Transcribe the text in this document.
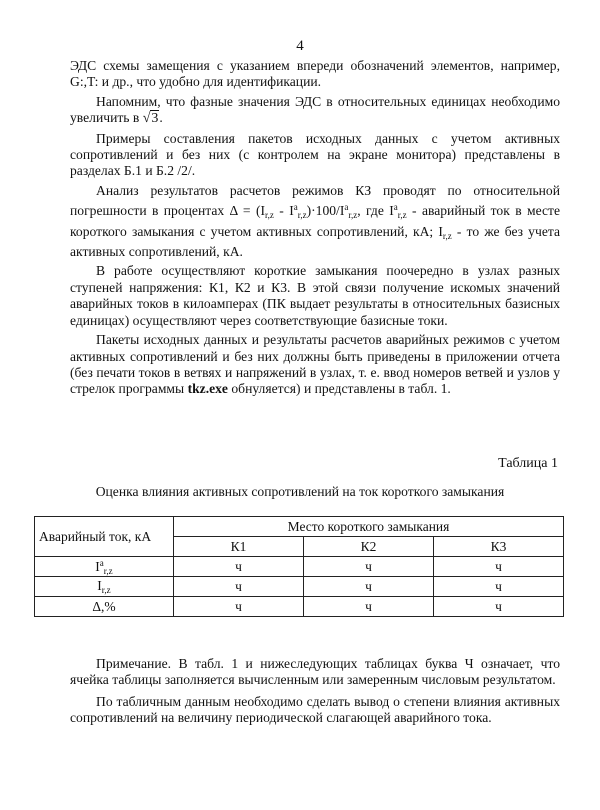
4

ЭДС схемы замещения с указанием впереди обозначений элементов, например, G:,T: и др., что удобно для идентификации.

Напомним, что фазные значения ЭДС в относительных единицах необходимо увеличить в √3.

Примеры составления пакетов исходных данных с учетом активных сопротивлений и без них (с контролем на экране монитора) представлены в разделах Б.1 и Б.2 /2/.

Анализ результатов расчетов режимов КЗ проводят по относительной погрешности в процентах $\Delta = (I_{r,z} - I^a_{r,z})\cdot 100/I^a_{r,z}$, где $I^a_{r,z}$ - аварийный ток в месте короткого замыкания с учетом активных сопротивлений, кА; $I_{r,z}$ - то же без учета активных сопротивлений, кА.

В работе осуществляют короткие замыкания поочередно в узлах разных ступеней напряжения: К1, К2 и К3. В этой связи получение искомых значений аварийных токов в килоамперах (ПК выдает результаты в относительных базисных единицах) осуществляют через соответствующие базисные токи.

Пакеты исходных данных и результаты расчетов аварийных режимов с учетом активных сопротивлений и без них должны быть приведены в приложении отчета (без печати токов в ветвях и напряжений в узлах, т. е. ввод номеров ветвей и узлов у стрелок программы tkz.exe обнуляется) и представлены в табл. 1.

Таблица 1
Оценка влияния активных сопротивлений на ток короткого замыкания
Аварийный ток, кА	Место короткого замыкания		
	К1	К2	К3
$I^a_{r,z}$	ч	ч	ч
$I_{r,z}$	ч	ч	ч
Δ,%	ч	ч	ч

Примечание. В табл. 1 и нижеследующих таблицах буква Ч означает, что ячейка таблицы заполняется вычисленным или замеренным числовым результатом.

По табличным данным необходимо сделать вывод о степени влияния активных сопротивлений на величину периодической слагающей аварийного тока.
